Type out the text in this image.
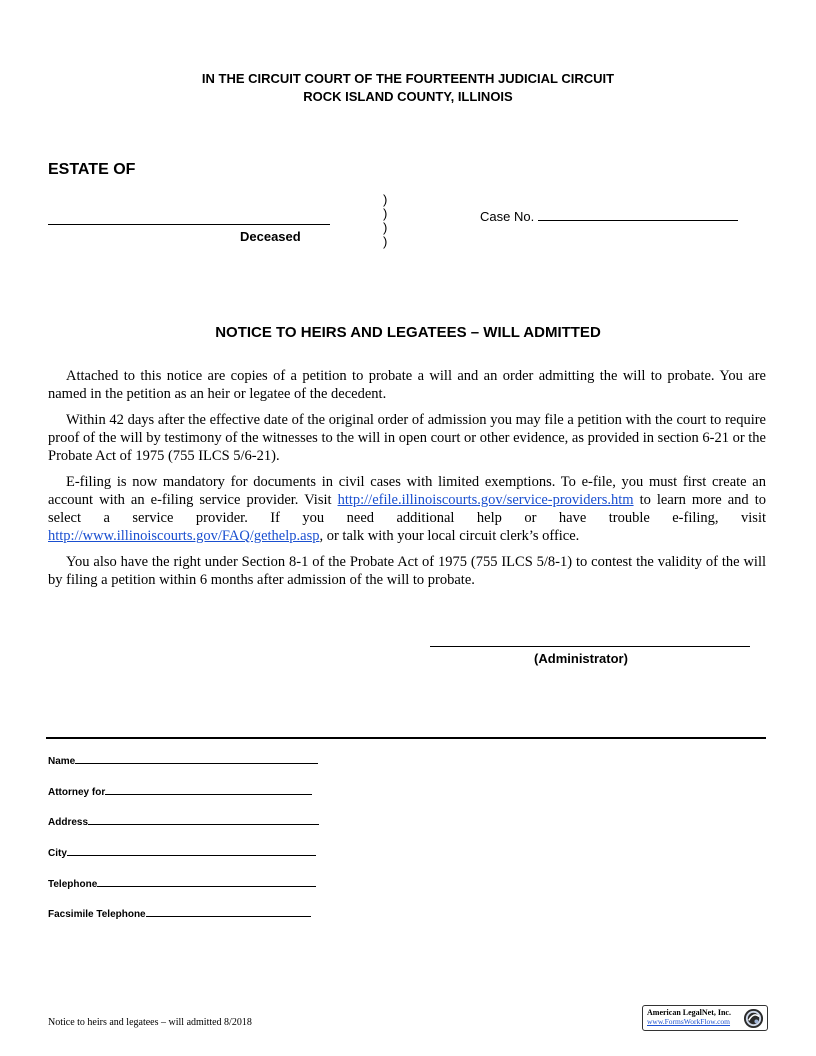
IN THE CIRCUIT COURT OF THE FOURTEENTH JUDICIAL CIRCUIT
ROCK ISLAND COUNTY, ILLINOIS
ESTATE OF
Deceased
)
)
)
)
Case No.
NOTICE TO HEIRS AND LEGATEES – WILL ADMITTED

Attached to this notice are copies of a petition to probate a will and an order admitting the will to probate. You are named in the petition as an heir or legatee of the decedent.

Within 42 days after the effective date of the original order of admission you may file a petition with the court to require proof of the will by testimony of the witnesses to the will in open court or other evidence, as provided in section 6-21 or the Probate Act of 1975 (755 ILCS 5/6-21).

E-filing is now mandatory for documents in civil cases with limited exemptions. To e-file, you must first create an account with an e-filing service provider. Visit http://efile.illinoiscourts.gov/service-providers.htm to learn more and to select a service provider. If you need additional help or have trouble e-filing, visit http://www.illinoiscourts.gov/FAQ/gethelp.asp, or talk with your local circuit clerk’s office.

You also have the right under Section 8-1 of the Probate Act of 1975 (755 ILCS 5/8-1) to contest the validity of the will by filing a petition within 6 months after admission of the will to probate.

(Administrator)
Name
Attorney for
Address
City
Telephone
Facsimile Telephone
Notice to heirs and legatees – will admitted 8/2018
American LegalNet, Inc.
www.FormsWorkFlow.com
